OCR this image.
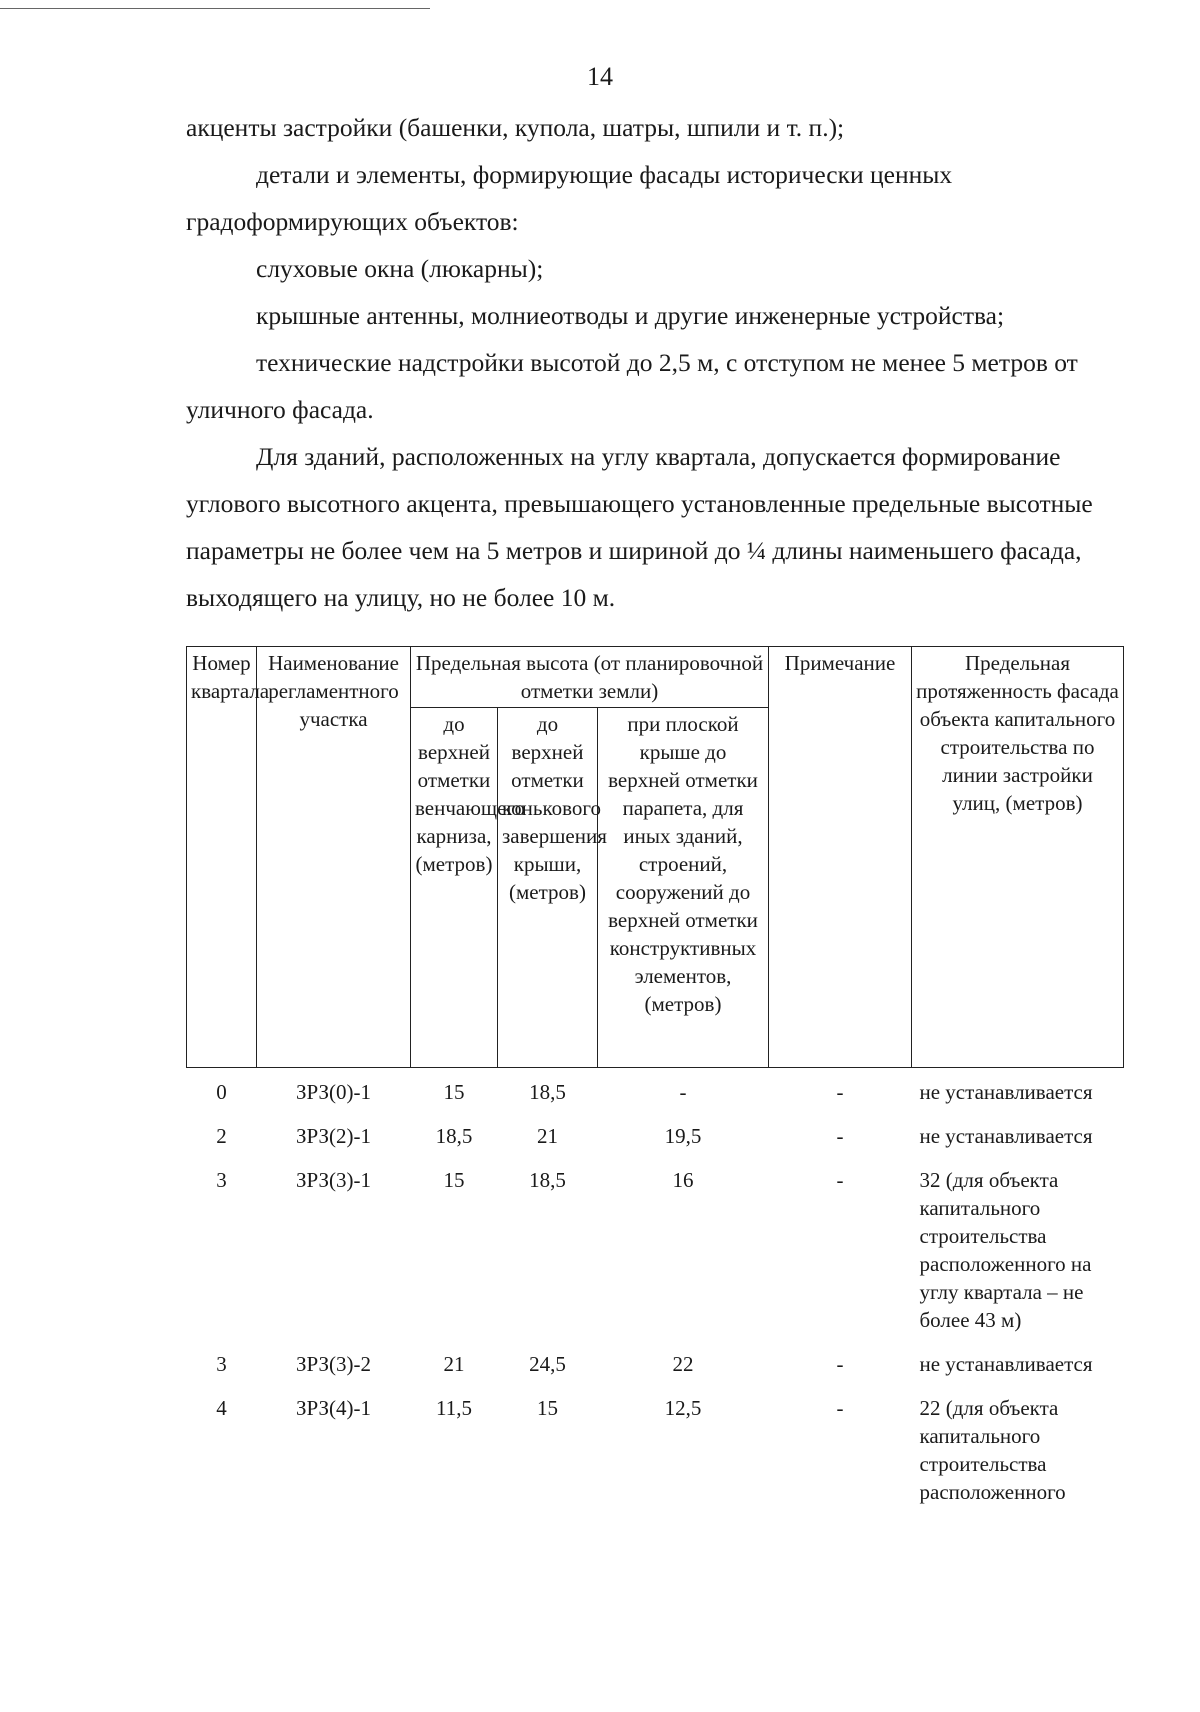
14

акценты застройки (башенки, купола, шатры, шпили и т. п.);

детали и элементы, формирующие фасады исторически ценных градоформирующих объектов:

слуховые окна (люкарны);

крышные антенны, молниеотводы и другие инженерные устройства;

технические надстройки высотой до 2,5 м, с отступом не менее 5 метров от уличного фасада.

Для зданий, расположенных на углу квартала, допускается формирование углового высотного акцента, превышающего установленные предельные высотные параметры не более чем на 5 метров и шириной до ¼ длины наименьшего фасада, выходящего на улицу, но не более 10 м.

Номер квартала	Наименование регламентного участка	Предельная высота (от планировочной отметки земли)			Примечание	Предельная протяженность фасада объекта капитального строительства по линии застройки улиц, (метров)
		до верхней отметки венчающего карниза, (метров)	до верхней отметки конькового завершения крыши, (метров)	при плоской крыше до верхней отметки парапета, для иных зданий, строений, сооружений до верхней отметки конструктивных элементов, (метров)		
0	ЗРЗ(0)-1	15	18,5	-	-	не устанавливается
2	ЗРЗ(2)-1	18,5	21	19,5	-	не устанавливается
3	ЗРЗ(3)-1	15	18,5	16	-	32 (для объекта капитального строительства расположенного на углу квартала – не более 43 м)
3	ЗРЗ(3)-2	21	24,5	22	-	не устанавливается
4	ЗРЗ(4)-1	11,5	15	12,5	-	22 (для объекта капитального строительства расположенного
